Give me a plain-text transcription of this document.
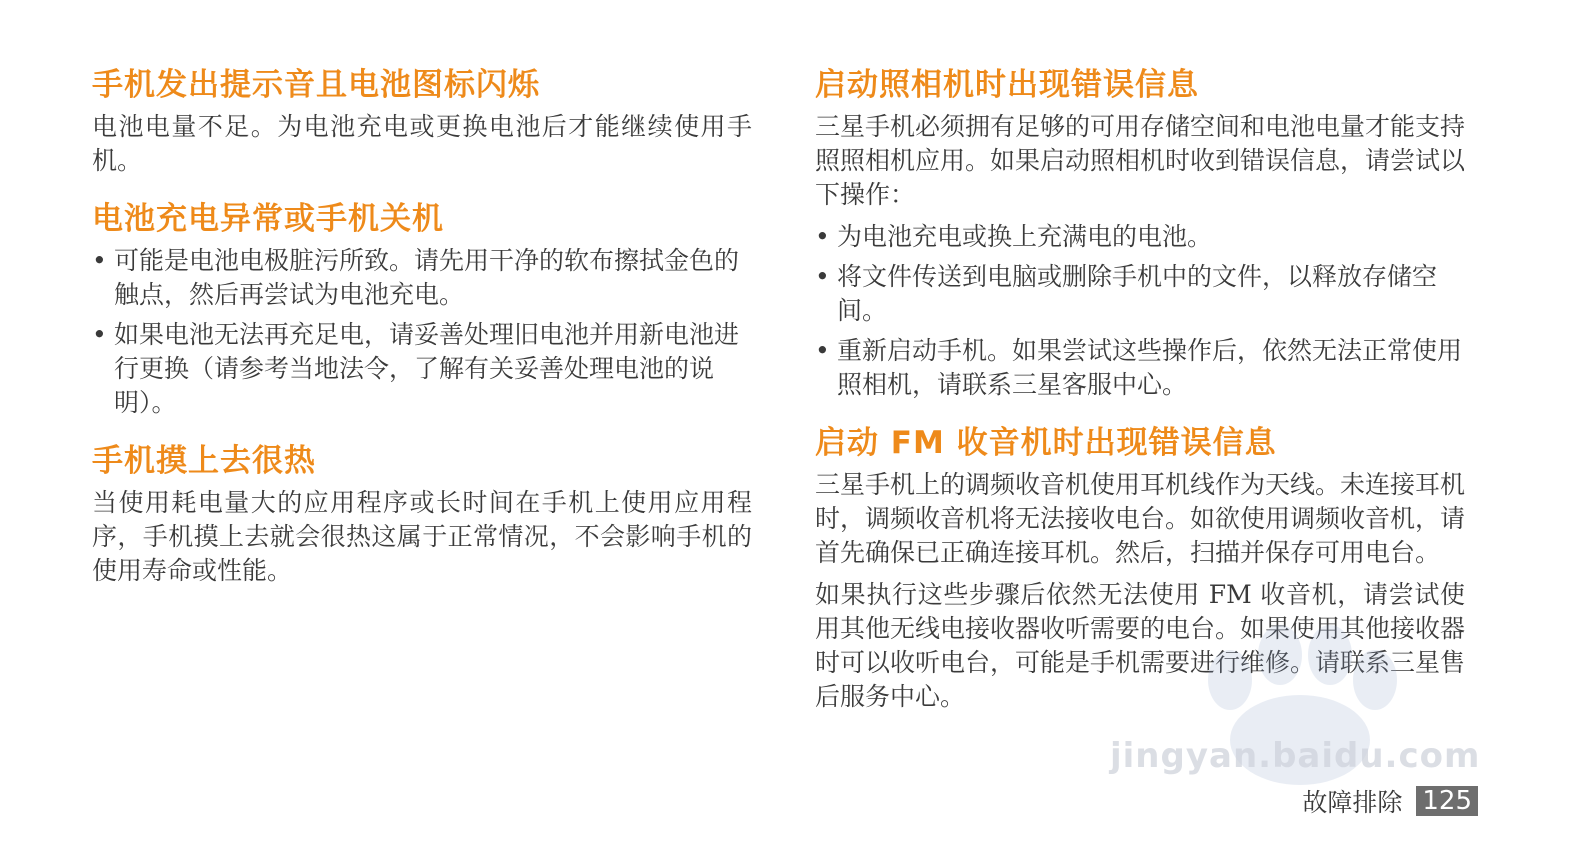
手机发出提示音且电池图标闪烁

电池电量不足。为电池充电或更换电池后才能继续使用手机。

电池充电异常或手机关机
• 可能是电池电极脏污所致。请先用干净的软布擦拭金色的触点，然后再尝试为电池充电。
• 如果电池无法再充足电，请妥善处理旧电池并用新电池进行更换（请参考当地法令，了解有关妥善处理电池的说明）。
手机摸上去很热

当使用耗电量大的应用程序或长时间在手机上使用应用程序，手机摸上去就会很热这属于正常情况，不会影响手机的使用寿命或性能。

启动照相机时出现错误信息

三星手机必须拥有足够的可用存储空间和电池电量才能支持照照相机应用。如果启动照相机时收到错误信息，请尝试以下操作：

• 为电池充电或换上充满电的电池。
• 将文件传送到电脑或删除手机中的文件，以释放存储空间。
• 重新启动手机。如果尝试这些操作后，依然无法正常使用照相机，请联系三星客服中心。
启动 FM 收音机时出现错误信息

三星手机上的调频收音机使用耳机线作为天线。未连接耳机时，调频收音机将无法接收电台。如欲使用调频收音机，请首先确保已正确连接耳机。然后，扫描并保存可用电台。

如果执行这些步骤后依然无法使用 FM 收音机，请尝试使用其他无线电接收器收听需要的电台。如果使用其他接收器时可以收听电台，可能是手机需要进行维修。请联系三星售后服务中心。

jingyan.baidu.com
故障排除 125
